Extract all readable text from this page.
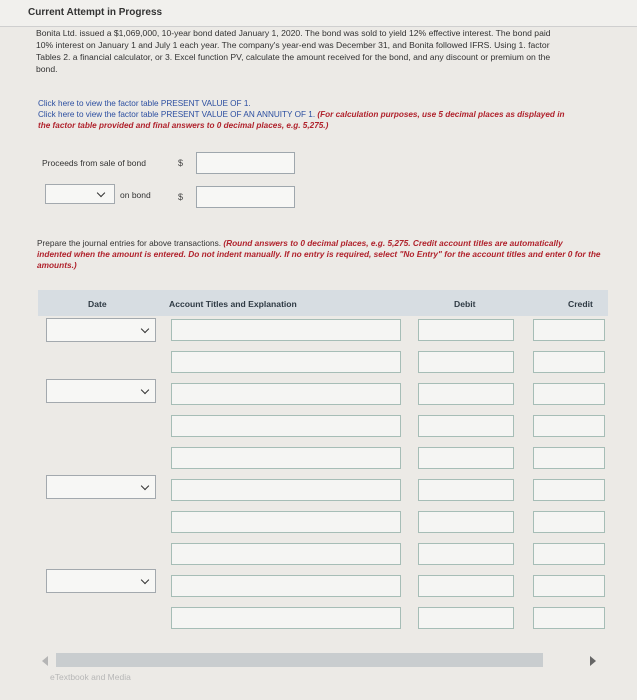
Current Attempt in Progress
Bonita Ltd. issued a $1,069,000, 10-year bond dated January 1, 2020. The bond was sold to yield 12% effective interest. The bond paid
10% interest on January 1 and July 1 each year. The company's year-end was December 31, and Bonita followed IFRS. Using 1. factor
Tables 2. a financial calculator, or 3. Excel function PV, calculate the amount received for the bond, and any discount or premium on the
bond.
Click here to view the factor table PRESENT VALUE OF 1.
Click here to view the factor table PRESENT VALUE OF AN ANNUITY OF 1. (For calculation purposes, use 5 decimal places as displayed in
the factor table provided and final answers to 0 decimal places, e.g. 5,275.)
Proceeds from sale of bond	$
on bond	$
Prepare the journal entries for above transactions. (Round answers to 0 decimal places, e.g. 5,275. Credit account titles are automatically
indented when the amount is entered. Do not indent manually. If no entry is required, select "No Entry" for the account titles and enter 0 for the
amounts.)
Date	Account Titles and Explanation	Debit	Credit
eTextbook and Media
